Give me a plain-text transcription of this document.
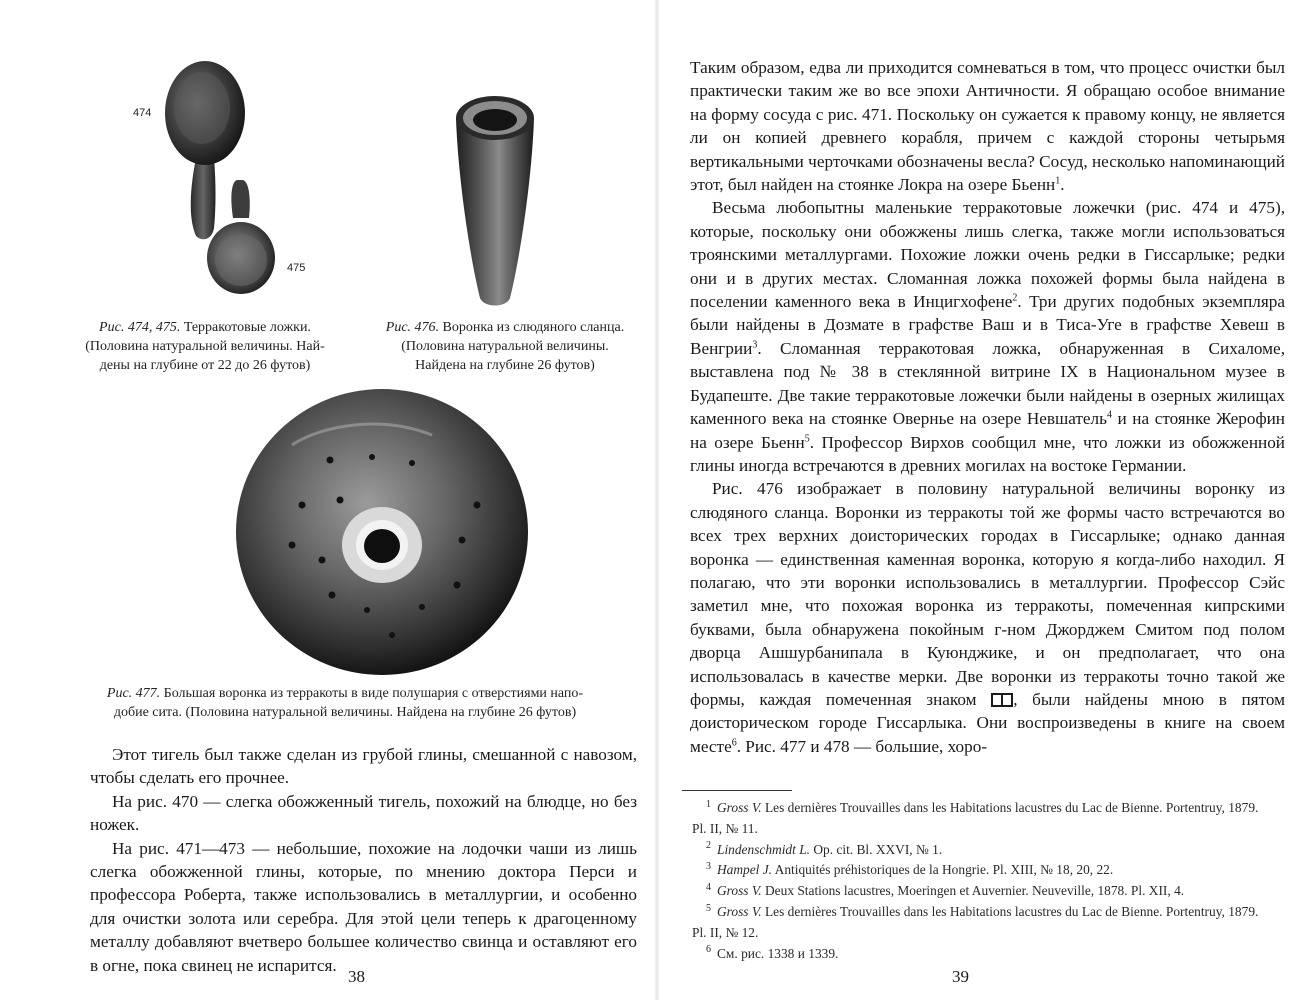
474
475
Рис. 474, 475. Терракотовые ложки.
(Половина натуральной величины. Най-
дены на глубине от 22 до 26 футов)
Рис. 476. Воронка из слюдяного сланца.
(Половина натуральной величины.
Найдена на глубине 26 футов)
Рис. 477. Большая воронка из терракоты в виде полушария с отверстиями напо-
добие сита. (Половина натуральной величины. Найдена на глубине 26 футов)

Этот тигель был также сделан из грубой глины, смешанной с навозом, чтобы сделать его прочнее.

На рис. 470 — слегка обожженный тигель, похожий на блюдце, но без ножек.

На рис. 471—473 — небольшие, похожие на лодочки чаши из лишь слегка обожженной глины, которые, по мнению доктора Перси и профессора Роберта, также использовались в металлургии, и особенно для очистки золота или серебра. Для этой цели теперь к драгоценному металлу добавляют вчетверо большее количество свинца и оставляют его в огне, пока свинец не испарится.

38

Таким образом, едва ли приходится сомневаться в том, что процесс очистки был практически таким же во все эпохи Античности. Я обращаю особое внимание на форму сосуда с рис. 471. Поскольку он сужается к правому концу, не является ли он копией древнего корабля, причем с каждой стороны четырьмя вертикальными черточками обозначены весла? Сосуд, несколько напоминающий этот, был найден на стоянке Локра на озере Бьенн$^1$.

Весьма любопытны маленькие терракотовые ложечки (рис. 474 и 475), которые, поскольку они обожжены лишь слегка, также могли использоваться троянскими металлургами. Похожие ложки очень редки в Гиссарлыке; редки они и в других местах. Сломанная ложка похожей формы была найдена в поселении каменного века в Инцигхофене$^2$. Три других подобных экземпляра были найдены в Дозмате в графстве Ваш и в Тиса-Уге в графстве Хевеш в Венгрии$^3$. Сломанная терракотовая ложка, обнаруженная в Сихаломе, выставлена под № 38 в стеклянной витрине IX в Национальном музее в Будапеште. Две такие терракотовые ложечки были найдены в озерных жилищах каменного века на стоянке Овернье на озере Невшатель$^4$ и на стоянке Жерофин на озере Бьенн$^5$. Профессор Вирхов сообщил мне, что ложки из обожженной глины иногда встречаются в древних могилах на востоке Германии.

Рис. 476 изображает в половину натуральной величины воронку из слюдяного сланца. Воронки из терракоты той же формы часто встречаются во всех трех верхних доисторических городах в Гиссарлыке; однако данная воронка — единственная каменная воронка, которую я когда-либо находил. Я полагаю, что эти воронки использовались в металлургии. Профессор Сэйс заметил мне, что похожая воронка из терракоты, помеченная кипрскими буквами, была обнаружена покойным г-ном Джорджем Смитом под полом дворца Ашшурбанипала в Куюнджике, и он предполагает, что она использовалась в качестве мерки. Две воронки из терракоты точно такой же формы, каждая помеченная знаком , были найдены мною в пятом доисторическом городе Гиссарлыка. Они воспроизведены в книге на своем месте$^6$. Рис. 477 и 478 — большие, хоро-

$^1$ Gross V. Les dernières Trouvailles dans les Habitations lacustres du Lac de Bienne. Portentruy, 1879. Pl. II, № 11.

$^2$ Lindenschmidt L. Op. cit. Bl. XXVI, № 1.

$^3$ Hampel J. Antiquités préhistoriques de la Hongrie. Pl. XIII, № 18, 20, 22.

$^4$ Gross V. Deux Stations lacustres, Moeringen et Auvernier. Neuveville, 1878. Pl. XII, 4.

$^5$ Gross V. Les dernières Trouvailles dans les Habitations lacustres du Lac de Bienne. Portentruy, 1879. Pl. II, № 12.

$^6$ См. рис. 1338 и 1339.

39
